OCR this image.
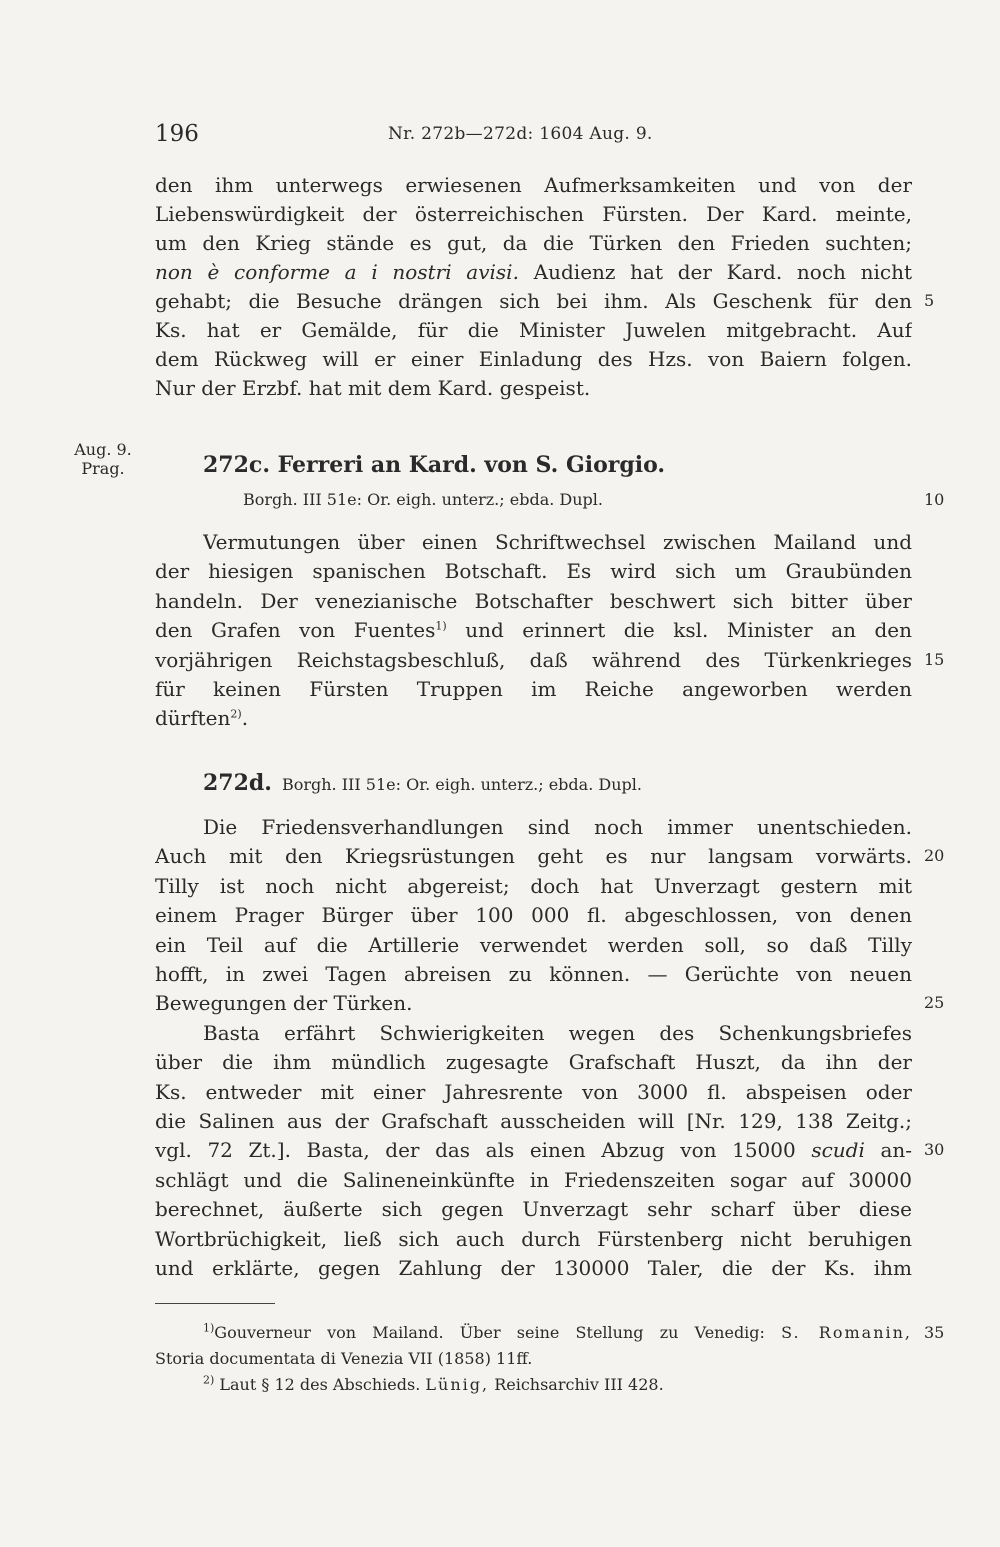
196	Nr. 272b—272d: 1604 Aug. 9.
den ihm unterwegs erwiesenen Aufmerksamkeiten und von der
Liebenswürdigkeit der österreichischen Fürsten. Der Kard. meinte,
um den Krieg stände es gut, da die Türken den Frieden suchten;
non è conforme a i nostri avisi. Audienz hat der Kard. noch nicht
gehabt; die Besuche drängen sich bei ihm. Als Geschenk für den
Ks. hat er Gemälde, für die Minister Juwelen mitgebracht. Auf
dem Rückweg will er einer Einladung des Hzs. von Baiern folgen.
Nur der Erzbf. hat mit dem Kard. gespeist.
Aug. 9.
Prag.	272c. Ferreri an Kard. von S. Giorgio.
Borgh. III 51e: Or. eigh. unterz.; ebda. Dupl.
Vermutungen über einen Schriftwechsel zwischen Mailand und
der hiesigen spanischen Botschaft. Es wird sich um Graubünden
handeln. Der venezianische Botschafter beschwert sich bitter über
den Grafen von Fuentes$^{1)}$ und erinnert die ksl. Minister an den
vorjährigen Reichstagsbeschluß, daß während des Türkenkrieges
für keinen Fürsten Truppen im Reiche angeworben werden
dürften$^{2)}$.
272d. Borgh. III 51e: Or. eigh. unterz.; ebda. Dupl.
Die Friedensverhandlungen sind noch immer unentschieden.
Auch mit den Kriegsrüstungen geht es nur langsam vorwärts.
Tilly ist noch nicht abgereist; doch hat Unverzagt gestern mit
einem Prager Bürger über 100 000 fl. abgeschlossen, von denen
ein Teil auf die Artillerie verwendet werden soll, so daß Tilly
hofft, in zwei Tagen abreisen zu können. — Gerüchte von neuen
Bewegungen der Türken.
Basta erfährt Schwierigkeiten wegen des Schenkungsbriefes
über die ihm mündlich zugesagte Grafschaft Huszt, da ihn der
Ks. entweder mit einer Jahresrente von 3000 fl. abspeisen oder
die Salinen aus der Grafschaft ausscheiden will [Nr. 129, 138 Zeitg.;
vgl. 72 Zt.]. Basta, der das als einen Abzug von 15000 scudi an-
schlägt und die Salineneinkünfte in Friedenszeiten sogar auf 30000
berechnet, äußerte sich gegen Unverzagt sehr scharf über diese
Wortbrüchigkeit, ließ sich auch durch Fürstenberg nicht beruhigen
und erklärte, gegen Zahlung der 130000 Taler, die der Ks. ihm
$^{1)}$Gouverneur von Mailand. Über seine Stellung zu Venedig: S. Romanin,
Storia documentata di Venezia VII (1858) 11ff.
$^{2)}$ Laut § 12 des Abschieds. Lünig, Reichsarchiv III 428.
5
10
15
20
25
30
35
